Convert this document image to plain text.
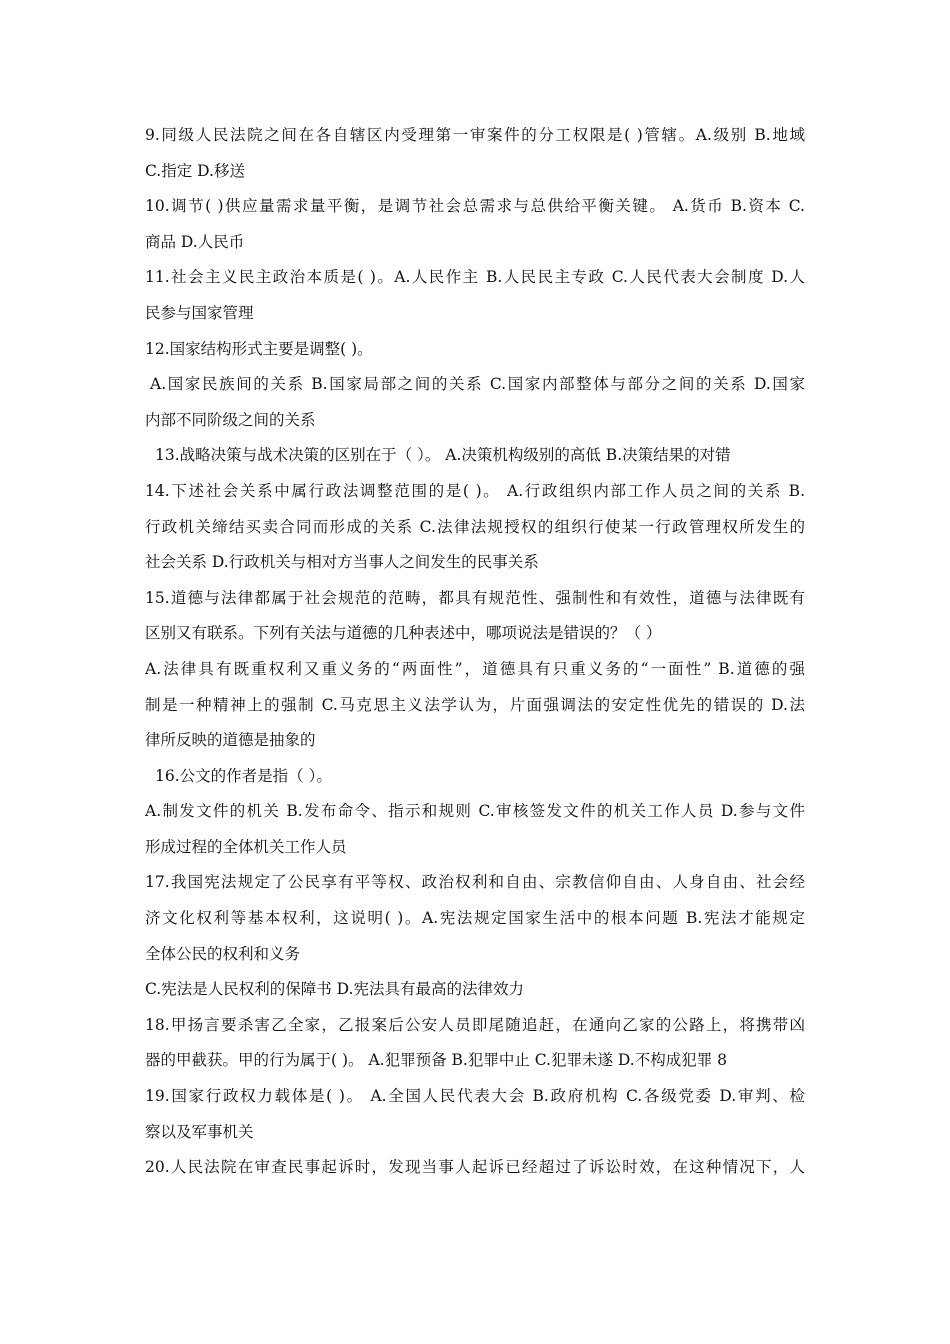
9.同级人民法院之间在各自辖区内受理第一审案件的分工权限是( )管辖。A.级别 B.地域
C.指定 D.移送
10.调节( )供应量需求量平衡，是调节社会总需求与总供给平衡关键。 A.货币 B.资本 C.
商品 D.人民币
11.社会主义民主政治本质是( )。A.人民作主 B.人民民主专政 C.人民代表大会制度 D.人
民参与国家管理
12.国家结构形式主要是调整( )。
A.国家民族间的关系 B.国家局部之间的关系 C.国家内部整体与部分之间的关系 D.国家
内部不同阶级之间的关系
13.战略决策与战术决策的区别在于（ ）。 A.决策机构级别的高低 B.决策结果的对错
14.下述社会关系中属行政法调整范围的是( )。 A.行政组织内部工作人员之间的关系 B.
行政机关缔结买卖合同而形成的关系 C.法律法规授权的组织行使某一行政管理权所发生的
社会关系 D.行政机关与相对方当事人之间发生的民事关系
15.道德与法律都属于社会规范的范畴，都具有规范性、强制性和有效性，道德与法律既有
区别又有联系。下列有关法与道德的几种表述中，哪项说法是错误的？（ ）
A.法律具有既重权利又重义务的“两面性”，道德具有只重义务的“一面性” B.道德的强
制是一种精神上的强制 C.马克思主义法学认为，片面强调法的安定性优先的错误的 D.法
律所反映的道德是抽象的
16.公文的作者是指（ ）。
A.制发文件的机关 B.发布命令、指示和规则 C.审核签发文件的机关工作人员 D.参与文件
形成过程的全体机关工作人员
17.我国宪法规定了公民享有平等权、政治权利和自由、宗教信仰自由、人身自由、社会经
济文化权利等基本权利，这说明( )。A.宪法规定国家生活中的根本问题 B.宪法才能规定
全体公民的权利和义务
C.宪法是人民权利的保障书 D.宪法具有最高的法律效力
18.甲扬言要杀害乙全家，乙报案后公安人员即尾随追赶，在通向乙家的公路上，将携带凶
器的甲截获。甲的行为属于( )。 A.犯罪预备 B.犯罪中止 C.犯罪未遂 D.不构成犯罪 8
19.国家行政权力载体是( )。 A.全国人民代表大会 B.政府机构 C.各级党委 D.审判、检
察以及军事机关
20.人民法院在审查民事起诉时，发现当事人起诉已经超过了诉讼时效，在这种情况下，人
